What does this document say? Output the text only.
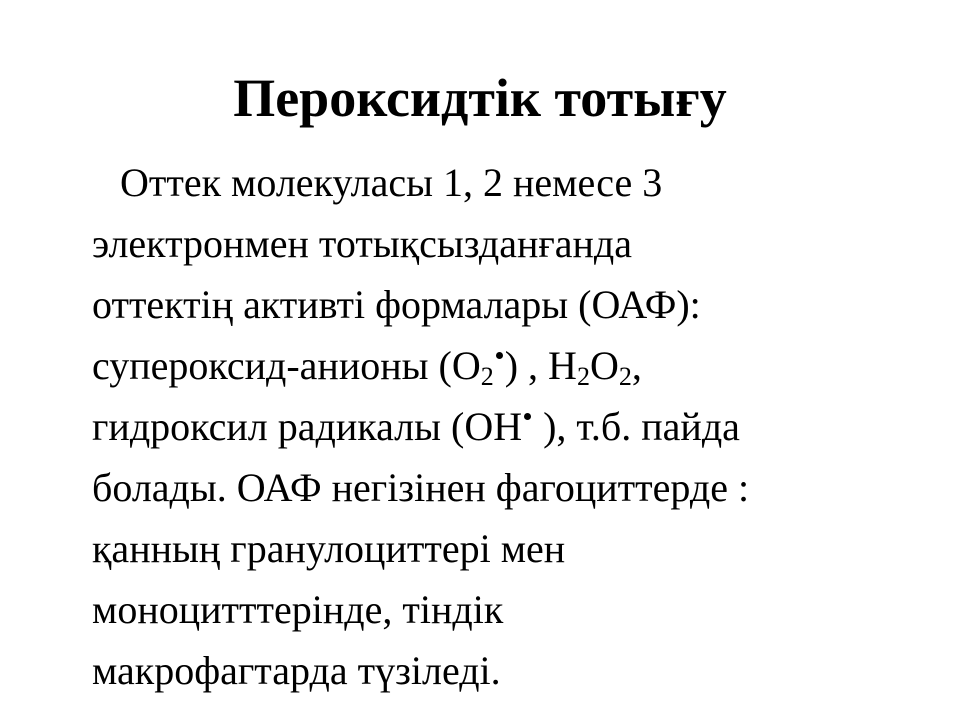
Пероксидтік тотығу
Оттек молекуласы 1, 2 немесе 3
электронмен тотықсызданғанда
оттектің активті формалары (ОАФ):
супероксид-анионы ($О_2$ ) , $Н_2О_2$,
гидроксил радикалы (ОН ), т.б. пайда
болады. ОАФ негізінен фагоциттерде :
қанның гранулоциттері мен
моноцитттерінде, тіндік
макрофагтарда түзіледі.
